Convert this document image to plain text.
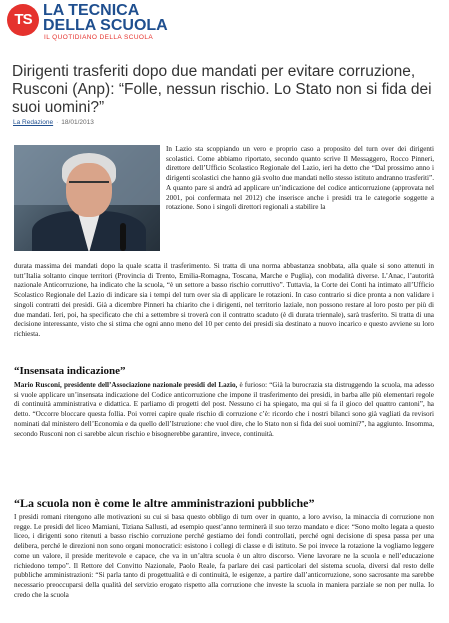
TS
LA TECNICA
DELLA SCUOLA
IL QUOTIDIANO DELLA SCUOLA
Dirigenti trasferiti dopo due mandati per evitare corruzione, Rusconi (Anp): “Folle, nessun rischio. Lo Stato non si fida dei suoi uomini?”
La Redazione · 18/01/2013

In Lazio sta scoppiando un vero e proprio caso a proposito del turn over dei dirigenti scolastici. Come abbiamo riportato, secondo quanto scrive Il Messaggero, Rocco Pinneri, direttore dell’Ufficio Scolastico Regionale del Lazio, ieri ha detto che “Dal prossimo anno i dirigenti scolastici che hanno già svolto due mandati nello stesso istituto andranno trasferiti”. A quanto pare si andrà ad applicare un’indicazione del codice anticorruzione (approvata nel 2001, poi confermata nel 2012) che inserisce anche i presidi tra le categorie soggette a rotazione. Sono i singoli direttori regionali a stabilire la

durata massima dei mandati dopo la quale scatta il trasferimento. Si tratta di una norma abbastanza snobbata, alla quale si sono attenuti in tutt’Italia soltanto cinque territori (Provincia di Trento, Emilia-Romagna, Toscana, Marche e Puglia), con modalità diverse. L’Anac, l’autorità nazionale Anticorruzione, ha indicato che la scuola, “è un settore a basso rischio corruttivo”. Tuttavia, la Corte dei Conti ha intimato all’Ufficio Scolastico Regionale del Lazio di indicare sia i tempi del turn over sia di applicare le rotazioni. In caso contrario si dice pronta a non validare i singoli contratti dei presidi. Già a dicembre Pinneri ha chiarito che i dirigenti, nel territorio laziale, non possono restare al loro posto per più di due mandati. Ieri, poi, ha specificato che chi a settembre si troverà con il contratto scaduto (è di durata triennale), sarà trasferito. Si tratta di una decisione interessante, visto che si stima che ogni anno meno del 10 per cento dei presidi sia destinato a nuovo incarico e questo avviene su loro richiesta.

“Insensata indicazione”

Mario Rusconi, presidente dell’Associazione nazionale presidi del Lazio, è furioso: “Già la burocrazia sta distruggendo la scuola, ma adesso si vuole applicare un’insensata indicazione del Codice anticorruzione che impone il trasferimento dei presidi, in barba alle più elementari regole di continuità amministrativa e didattica. E parliamo di progetti del post. Nessuno ci ha spiegato, ma qui si fa il gioco del quattro cantoni”, ha detto. “Occorre bloccare questa follia. Poi vorrei capire quale rischio di corruzione c’è: ricordo che i nostri bilanci sono già vagliati da revisori nominati dal ministero dell’Economia e da quello dell’Istruzione: che vuol dire, che lo Stato non si fida dei suoi uomini?”, ha aggiunto. Insomma, secondo Rusconi non ci sarebbe alcun rischio e bisognerebbe garantire, invece, continuità.

“La scuola non è come le altre amministrazioni pubbliche”

I presidi romani ritengono alle motivazioni su cui si basa questo obbligo di turn over in quanto, a loro avviso, la minaccia di corruzione non regge. Le presidi del liceo Mamiani, Tiziana Sallusti, ad esempio quest’anno terminerà il suo terzo mandato e dice: “Sono molto legata a questo liceo, i dirigenti sono ritenuti a basso rischio corruzione perché gestiamo dei fondi controllati, perché ogni decisione di spesa passa per una delibera, perché le direzioni non sono organi monocratici: esistono i collegi di classe e di istituto. Se poi invece la rotazione la vogliamo leggere come un valore, il preside meritevole e capace, che va in un’altra scuola è un altro discorso. Viene lavorare ne la scuola e nell’educazione richiedono tempo”. Il Rettore del Convitto Nazionale, Paolo Reale, fa parlare dei casi particolari del sistema scuola, diversi dal resto delle pubbliche amministrazioni: “Si parla tanto di progettualità e di continuità, le esigenze, a partire dall’anticorruzione, sono sacrosante ma sarebbe necessario preoccuparsi della qualità del servizio erogato rispetto alla corruzione che investe la scuola in maniera parziale se non per nulla. Io credo che la scuola
